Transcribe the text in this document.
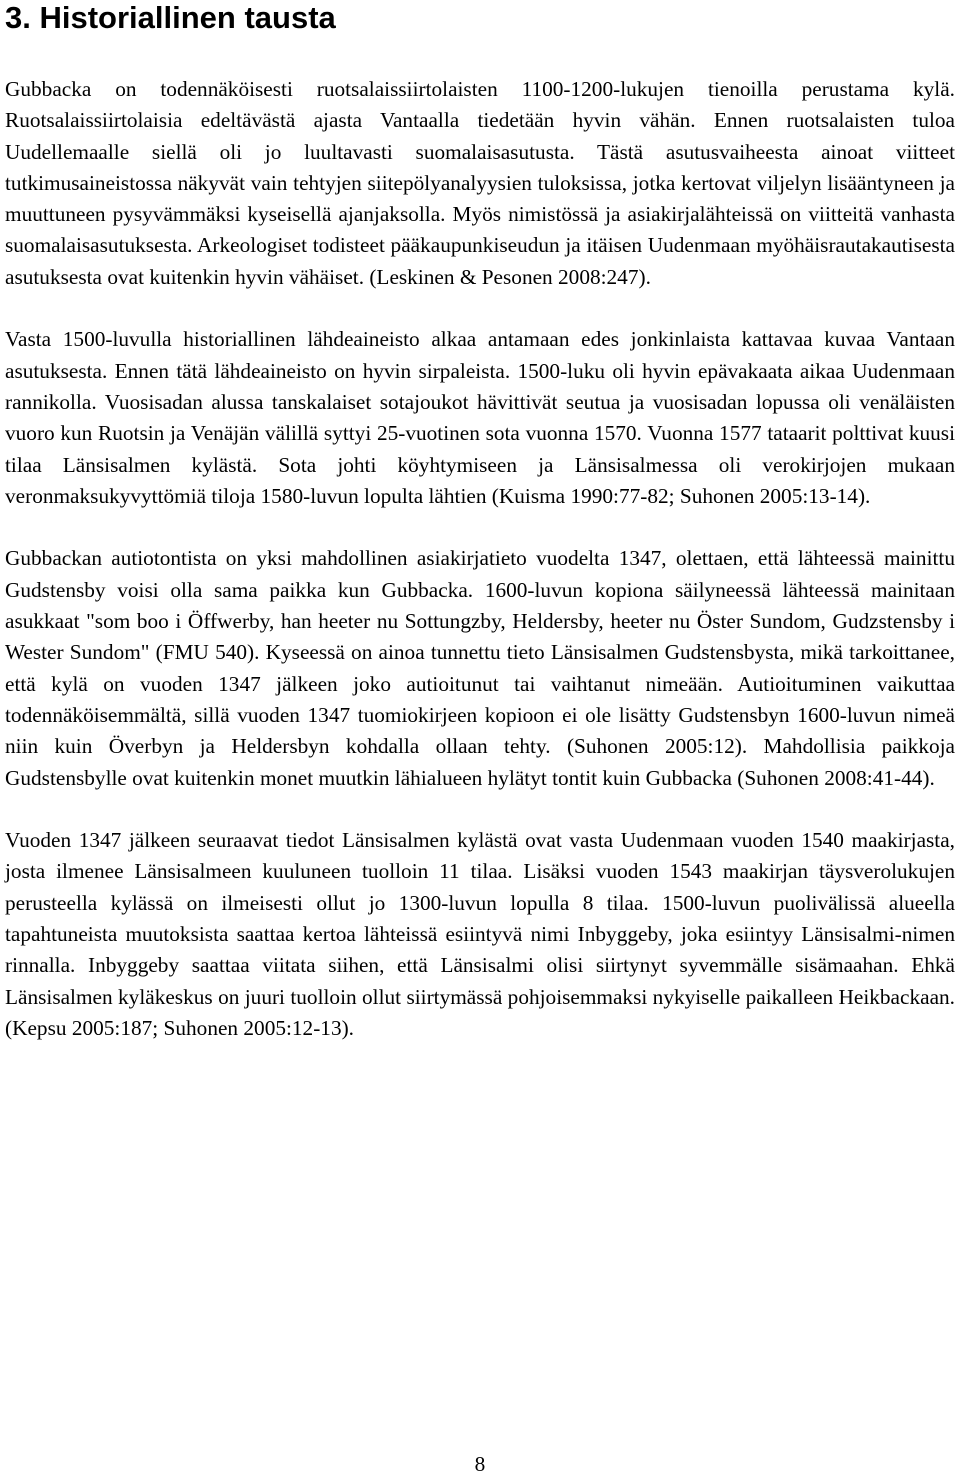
3. Historiallinen tausta

Gubbacka on todennäköisesti ruotsalaissiirtolaisten 1100-1200-lukujen tienoilla perustama kylä. Ruotsalaissiirtolaisia edeltävästä ajasta Vantaalla tiedetään hyvin vähän. Ennen ruotsalaisten tuloa Uudellemaalle siellä oli jo luultavasti suomalaisasutusta. Tästä asutusvaiheesta ainoat viitteet tutkimusaineistossa näkyvät vain tehtyjen siitepölyanalyysien tuloksissa, jotka kertovat viljelyn lisääntyneen ja muuttuneen pysyvämmäksi kyseisellä ajanjaksolla. Myös nimistössä ja asiakirjalähteissä on viitteitä vanhasta suomalaisasutuksesta. Arkeologiset todisteet pääkaupunkiseudun ja itäisen Uudenmaan myöhäisrautakautisesta asutuksesta ovat kuitenkin hyvin vähäiset. (Leskinen & Pesonen 2008:247).

Vasta 1500-luvulla historiallinen lähdeaineisto alkaa antamaan edes jonkinlaista kattavaa kuvaa Vantaan asutuksesta. Ennen tätä lähdeaineisto on hyvin sirpaleista. 1500-luku oli hyvin epävakaata aikaa Uudenmaan rannikolla. Vuosisadan alussa tanskalaiset sotajoukot hävittivät seutua ja vuosisadan lopussa oli venäläisten vuoro kun Ruotsin ja Venäjän välillä syttyi 25-vuotinen sota vuonna 1570. Vuonna 1577 tataarit polttivat kuusi tilaa Länsisalmen kylästä. Sota johti köyhtymiseen ja Länsisalmessa oli verokirjojen mukaan veronmaksukyvyttömiä tiloja 1580-luvun lopulta lähtien (Kuisma 1990:77-82; Suhonen 2005:13-14).

Gubbackan autiotontista on yksi mahdollinen asiakirjatieto vuodelta 1347, olettaen, että lähteessä mainittu Gudstensby voisi olla sama paikka kun Gubbacka. 1600-luvun kopiona säilyneessä lähteessä mainitaan asukkaat "som boo i Öffwerby, han heeter nu Sottungzby, Heldersby, heeter nu Öster Sundom, Gudzstensby i Wester Sundom" (FMU 540). Kyseessä on ainoa tunnettu tieto Länsisalmen Gudstensbysta, mikä tarkoittanee, että kylä on vuoden 1347 jälkeen joko autioitunut tai vaihtanut nimeään. Autioituminen vaikuttaa todennäköisemmältä, sillä vuoden 1347 tuomiokirjeen kopioon ei ole lisätty Gudstensbyn 1600-luvun nimeä niin kuin Överbyn ja Heldersbyn kohdalla ollaan tehty. (Suhonen 2005:12). Mahdollisia paikkoja Gudstensbylle ovat kuitenkin monet muutkin lähialueen hylätyt tontit kuin Gubbacka (Suhonen 2008:41-44).

Vuoden 1347 jälkeen seuraavat tiedot Länsisalmen kylästä ovat vasta Uudenmaan vuoden 1540 maakirjasta, josta ilmenee Länsisalmeen kuuluneen tuolloin 11 tilaa. Lisäksi vuoden 1543 maakirjan täysverolukujen perusteella kylässä on ilmeisesti ollut jo 1300-luvun lopulla 8 tilaa. 1500-luvun puolivälissä alueella tapahtuneista muutoksista saattaa kertoa lähteissä esiintyvä nimi Inbyggeby, joka esiintyy Länsisalmi-nimen rinnalla. Inbyggeby saattaa viitata siihen, että Länsisalmi olisi siirtynyt syvemmälle sisämaahan. Ehkä Länsisalmen kyläkeskus on juuri tuolloin ollut siirtymässä pohjoisemmaksi nykyiselle paikalleen Heikbackaan. (Kepsu 2005:187; Suhonen 2005:12-13).

8
